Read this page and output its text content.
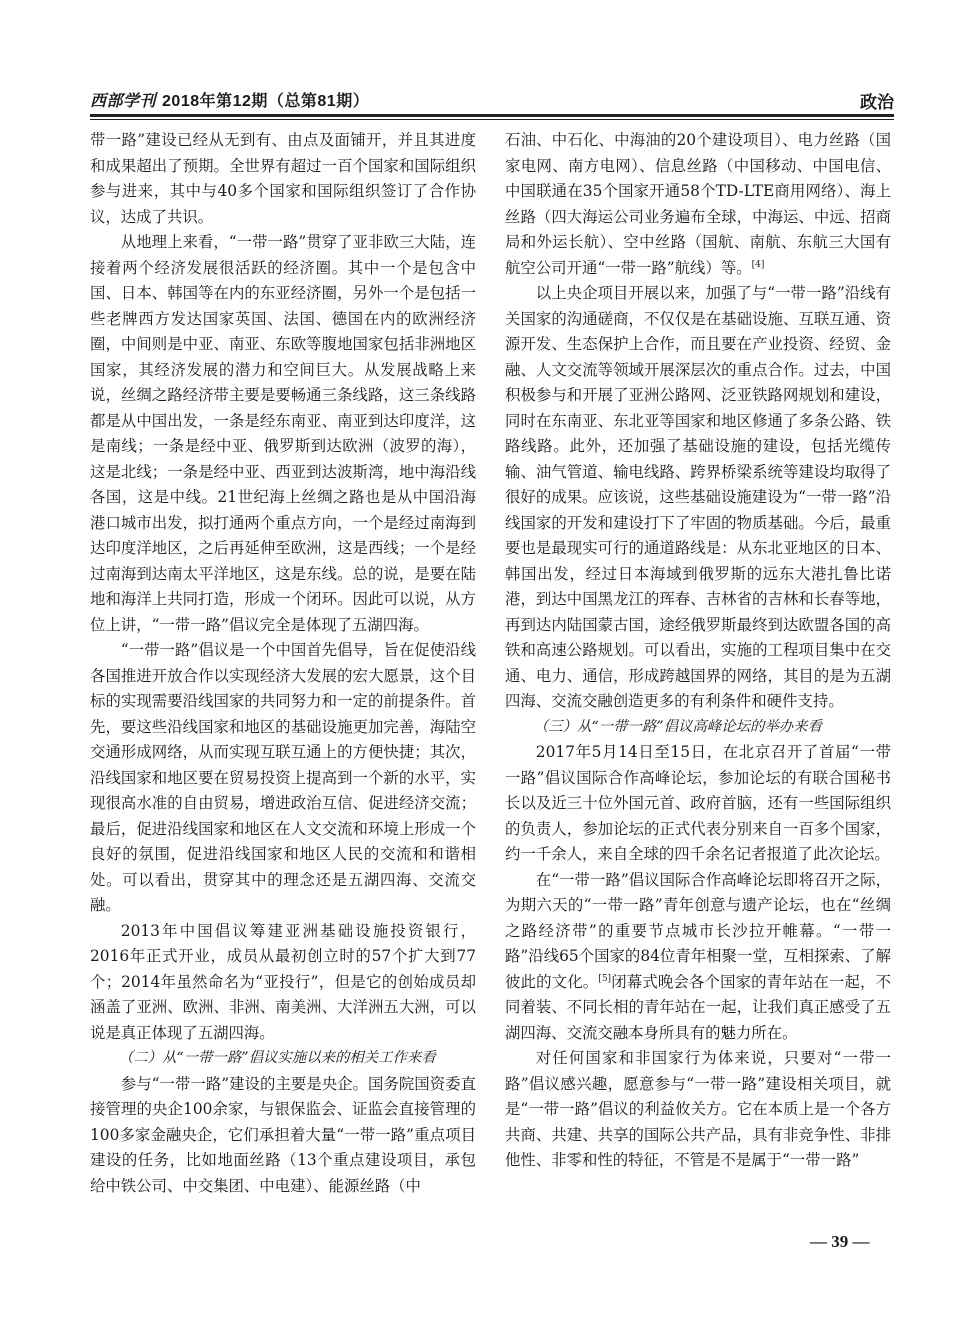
西部学刊 2018年第12期（总第81期）	政治

带一路”建设已经从无到有、由点及面铺开，并且其进度和成果超出了预期。全世界有超过一百个国家和国际组织参与进来，其中与40多个国家和国际组织签订了合作协议，达成了共识。

从地理上来看，“一带一路”贯穿了亚非欧三大陆，连接着两个经济发展很活跃的经济圈。其中一个是包含中国、日本、韩国等在内的东亚经济圈，另外一个是包括一些老牌西方发达国家英国、法国、德国在内的欧洲经济圈，中间则是中亚、南亚、东欧等腹地国家包括非洲地区国家，其经济发展的潜力和空间巨大。从发展战略上来说，丝绸之路经济带主要是要畅通三条线路，这三条线路都是从中国出发，一条是经东南亚、南亚到达印度洋，这是南线；一条是经中亚、俄罗斯到达欧洲（波罗的海），这是北线；一条是经中亚、西亚到达波斯湾，地中海沿线各国，这是中线。21世纪海上丝绸之路也是从中国沿海港口城市出发，拟打通两个重点方向，一个是经过南海到达印度洋地区，之后再延伸至欧洲，这是西线；一个是经过南海到达南太平洋地区，这是东线。总的说，是要在陆地和海洋上共同打造，形成一个闭环。因此可以说，从方位上讲，“一带一路”倡议完全是体现了五湖四海。

“一带一路”倡议是一个中国首先倡导，旨在促使沿线各国推进开放合作以实现经济大发展的宏大愿景，这个目标的实现需要沿线国家的共同努力和一定的前提条件。首先，要这些沿线国家和地区的基础设施更加完善，海陆空交通形成网络，从而实现互联互通上的方便快捷；其次，沿线国家和地区要在贸易投资上提高到一个新的水平，实现很高水准的自由贸易，增进政治互信、促进经济交流；最后，促进沿线国家和地区在人文交流和环境上形成一个良好的氛围，促进沿线国家和地区人民的交流和和谐相处。可以看出，贯穿其中的理念还是五湖四海、交流交融。

2013年中国倡议筹建亚洲基础设施投资银行，2016年正式开业，成员从最初创立时的57个扩大到77个；2014年虽然命名为“亚投行”，但是它的创始成员却涵盖了亚洲、欧洲、非洲、南美洲、大洋洲五大洲，可以说是真正体现了五湖四海。

（二）从“一带一路”倡议实施以来的相关工作来看

参与“一带一路”建设的主要是央企。国务院国资委直接管理的央企100余家，与银保监会、证监会直接管理的100多家金融央企，它们承担着大量“一带一路”重点项目建设的任务，比如地面丝路（13个重点建设项目，承包给中铁公司、中交集团、中电建）、能源丝路（中

石油、中石化、中海油的20个建设项目）、电力丝路（国家电网、南方电网）、信息丝路（中国移动、中国电信、中国联通在35个国家开通58个TD-LTE商用网络）、海上丝路（四大海运公司业务遍布全球，中海运、中远、招商局和外运长航）、空中丝路（国航、南航、东航三大国有航空公司开通“一带一路”航线）等。[4]

以上央企项目开展以来，加强了与“一带一路”沿线有关国家的沟通磋商，不仅仅是在基础设施、互联互通、资源开发、生态保护上合作，而且要在产业投资、经贸、金融、人文交流等领域开展深层次的重点合作。过去，中国积极参与和开展了亚洲公路网、泛亚铁路网规划和建设，同时在东南亚、东北亚等国家和地区修通了多条公路、铁路线路。此外，还加强了基础设施的建设，包括光缆传输、油气管道、输电线路、跨界桥梁系统等建设均取得了很好的成果。应该说，这些基础设施建设为“一带一路”沿线国家的开发和建设打下了牢固的物质基础。今后，最重要也是最现实可行的通道路线是：从东北亚地区的日本、韩国出发，经过日本海域到俄罗斯的远东大港扎鲁比诺港，到达中国黑龙江的珲春、吉林省的吉林和长春等地，再到达内陆国蒙古国，途经俄罗斯最终到达欧盟各国的高铁和高速公路规划。可以看出，实施的工程项目集中在交通、电力、通信，形成跨越国界的网络，其目的是为五湖四海、交流交融创造更多的有利条件和硬件支持。

（三）从“一带一路”倡议高峰论坛的举办来看

2017年5月14日至15日，在北京召开了首届“一带一路”倡议国际合作高峰论坛，参加论坛的有联合国秘书长以及近三十位外国元首、政府首脑，还有一些国际组织的负责人，参加论坛的正式代表分别来自一百多个国家，约一千余人，来自全球的四千余名记者报道了此次论坛。

在“一带一路”倡议国际合作高峰论坛即将召开之际，为期六天的“一带一路”青年创意与遗产论坛，也在“丝绸之路经济带”的重要节点城市长沙拉开帷幕。“一带一路”沿线65个国家的84位青年相聚一堂，互相探索、了解彼此的文化。[5]闭幕式晚会各个国家的青年站在一起，不同着装、不同长相的青年站在一起，让我们真正感受了五湖四海、交流交融本身所具有的魅力所在。

对任何国家和非国家行为体来说，只要对“一带一路”倡议感兴趣，愿意参与“一带一路”建设相关项目，就是“一带一路”倡议的利益攸关方。它在本质上是一个各方共商、共建、共享的国际公共产品，具有非竞争性、非排他性、非零和性的特征，不管是不是属于“一带一路”

— 39 —
